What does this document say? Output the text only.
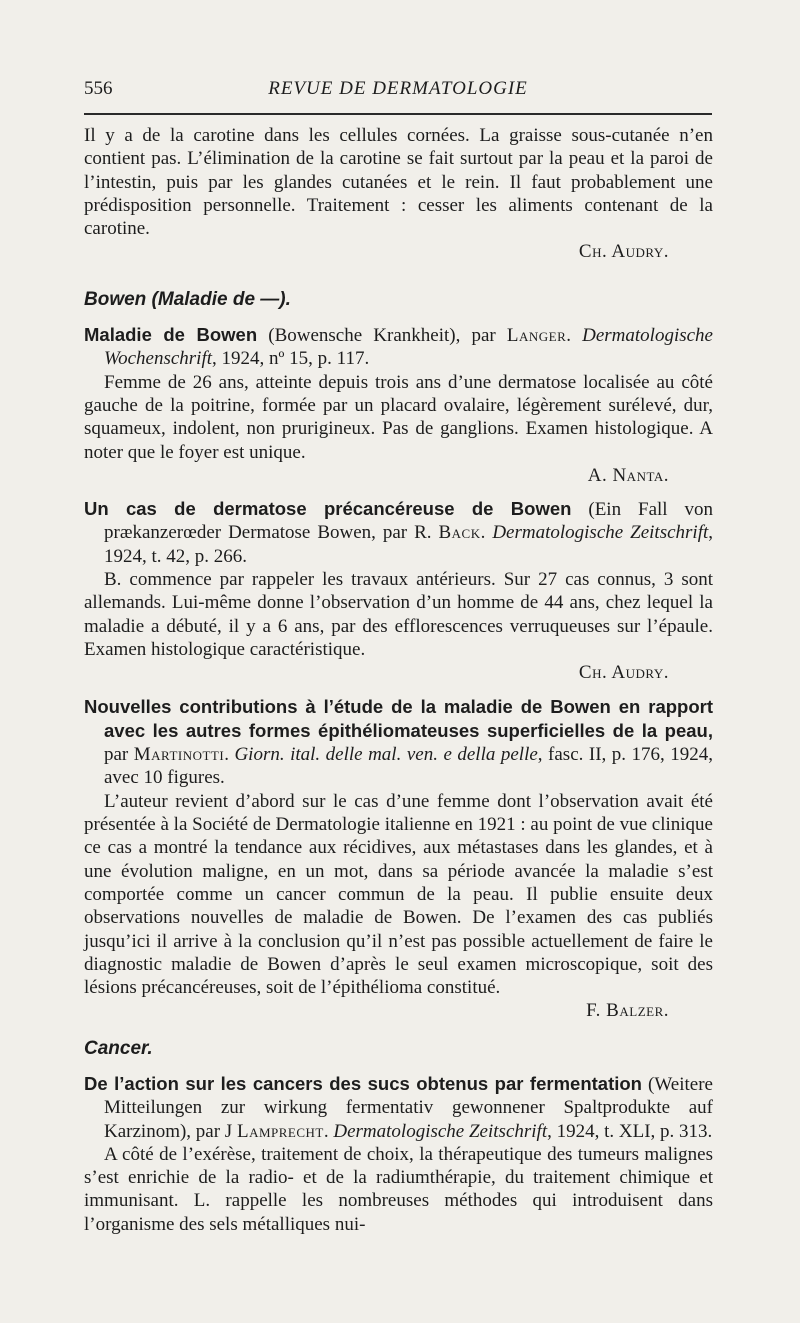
556	REVUE DE DERMATOLOGIE

Il y a de la carotine dans les cellules cornées. La graisse sous-cutanée n’en contient pas. L’élimination de la carotine se fait surtout par la peau et la paroi de l’intestin, puis par les glandes cutanées et le rein. Il faut probablement une prédisposition personnelle. Traitement : cesser les aliments contenant de la carotine.

Ch. Audry.

Bowen (Maladie de —).

Maladie de Bowen (Bowensche Krankheit), par Langer. Dermatologische Wochenschrift, 1924, nº 15, p. 117.

Femme de 26 ans, atteinte depuis trois ans d’une dermatose localisée au côté gauche de la poitrine, formée par un placard ovalaire, légèrement surélevé, dur, squameux, indolent, non prurigineux. Pas de ganglions. Examen histologique. A noter que le foyer est unique.

A. Nanta.

Un cas de dermatose précancéreuse de Bowen (Ein Fall von prækanzerœder Dermatose Bowen, par R. Back. Dermatologische Zeitschrift, 1924, t. 42, p. 266.

B. commence par rappeler les travaux antérieurs. Sur 27 cas connus, 3 sont allemands. Lui-même donne l’observation d’un homme de 44 ans, chez lequel la maladie a débuté, il y a 6 ans, par des efflorescences verruqueuses sur l’épaule. Examen histologique caractéristique.

Ch. Audry.

Nouvelles contributions à l’étude de la maladie de Bowen en rapport avec les autres formes épithéliomateuses superficielles de la peau, par Martinotti. Giorn. ital. delle mal. ven. e della pelle, fasc. II, p. 176, 1924, avec 10 figures.

L’auteur revient d’abord sur le cas d’une femme dont l’observation avait été présentée à la Société de Dermatologie italienne en 1921 : au point de vue clinique ce cas a montré la tendance aux récidives, aux métastases dans les glandes, et à une évolution maligne, en un mot, dans sa période avancée la maladie s’est comportée comme un cancer commun de la peau. Il publie ensuite deux observations nouvelles de maladie de Bowen. De l’examen des cas publiés jusqu’ici il arrive à la conclusion qu’il n’est pas possible actuellement de faire le diagnostic maladie de Bowen d’après le seul examen microscopique, soit des lésions précancéreuses, soit de l’épithélioma constitué.

F. Balzer.

Cancer.

De l’action sur les cancers des sucs obtenus par fermentation (Weitere Mitteilungen zur wirkung fermentativ gewonnener Spaltprodukte auf Karzinom), par J Lamprecht. Dermatologische Zeitschrift, 1924, t. XLI, p. 313.

A côté de l’exérèse, traitement de choix, la thérapeutique des tumeurs malignes s’est enrichie de la radio- et de la radiumthérapie, du traitement chimique et immunisant. L. rappelle les nombreuses méthodes qui introduisent dans l’organisme des sels métalliques nui-
